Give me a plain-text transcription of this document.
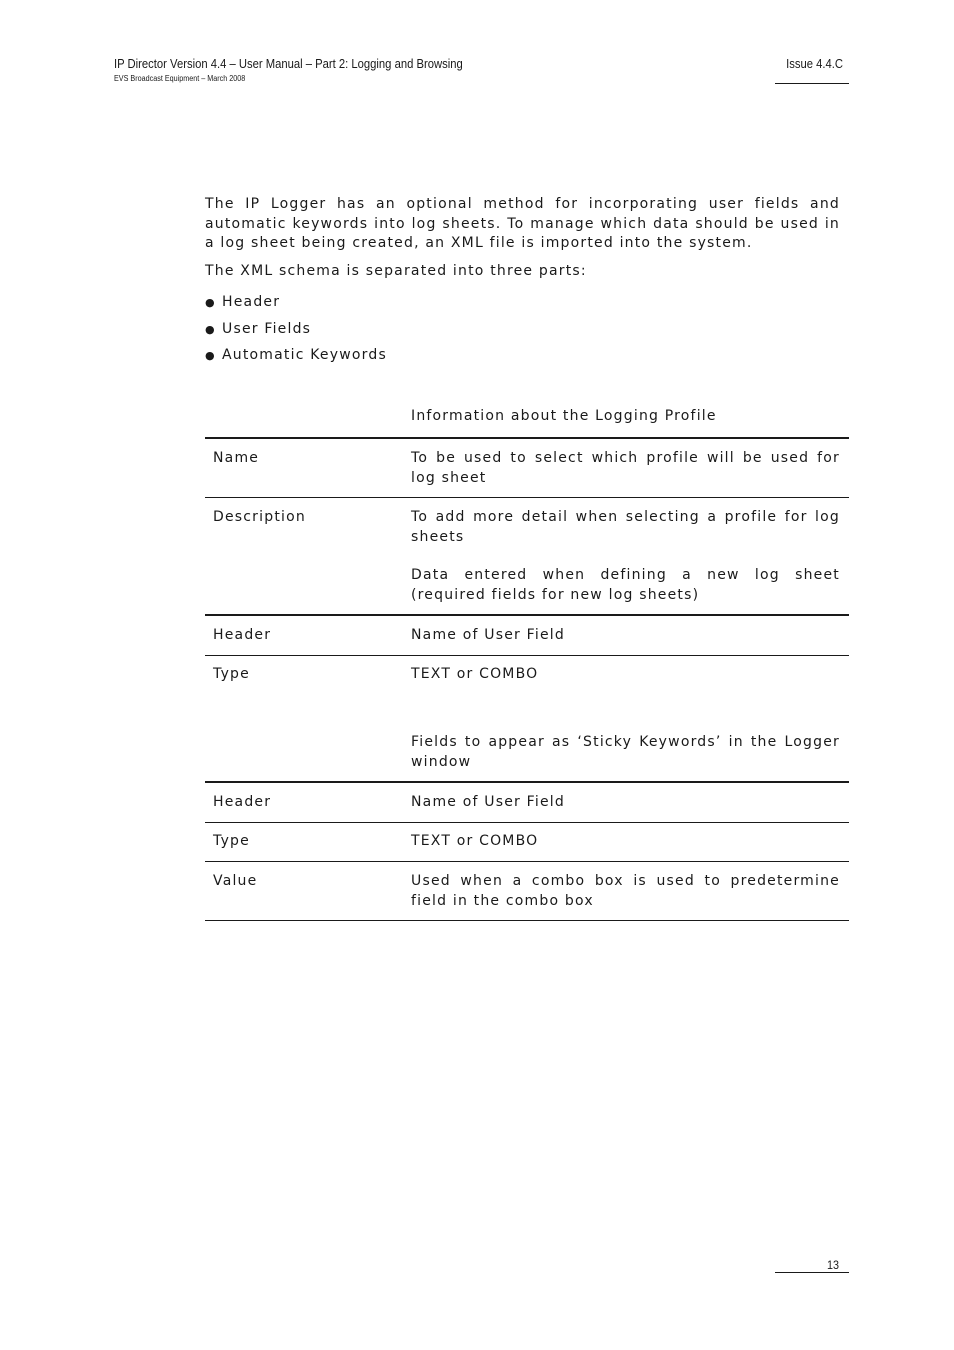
IP Director Version 4.4 – User Manual – Part 2: Logging and Browsing
EVS Broadcast Equipment – March 2008
Issue 4.4.C

The IP Logger has an optional method for incorporating user fields and automatic keywords into log sheets. To manage which data should be used in a log sheet being created, an XML file is imported into the system.

The XML schema is separated into three parts:

● Header
● User Fields
● Automatic Keywords
Information about the Logging Profile
Name	To be used to select which profile will be used for log sheet

Description	To add more detail when selecting a profile for log sheets

Data entered when defining a new log sheet (required fields for new log sheets)

Header	Name of User Field

Type	TEXT or COMBO

Fields to appear as ‘Sticky Keywords’ in the Logger window

Header	Name of User Field

Type	TEXT or COMBO

Value	Used when a combo box is used to predetermine field in the combo box

13
